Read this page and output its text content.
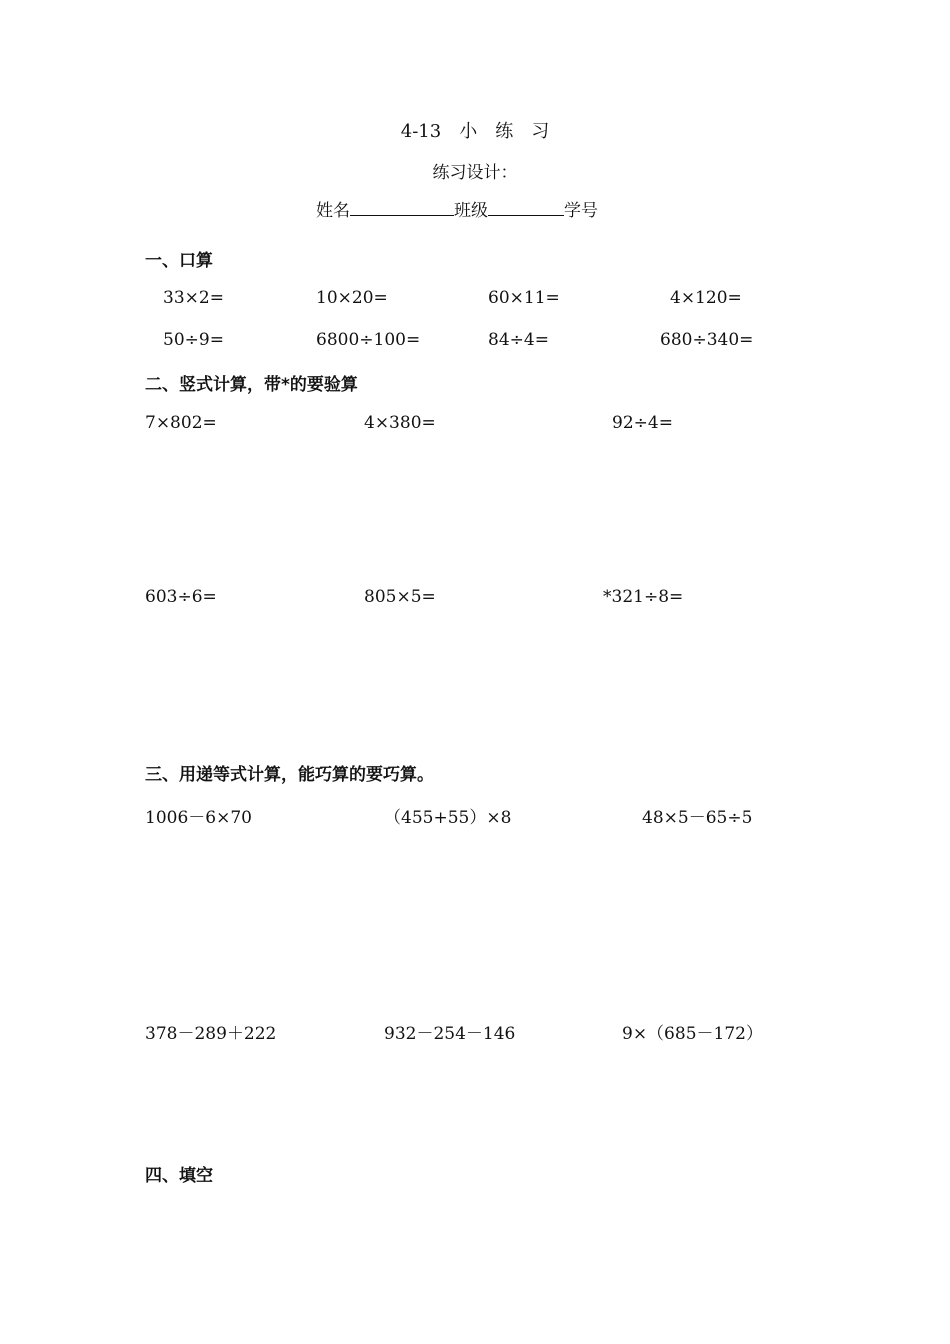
4-13　小　练　习
练习设计：
姓名	班级	学号
一、口算
33×2=	10×20=	60×11=	4×120=
50÷9=	6800÷100=	84÷4=	680÷340=
二、竖式计算，带*的要验算
7×802=	4×380=	92÷4=
603÷6=	805×5=	*321÷8=
三、用递等式计算，能巧算的要巧算。
1006－6×70	（455+55）×8	48×5－65÷5
378－289＋222	932－254－146	9×（685－172）
四、填空
